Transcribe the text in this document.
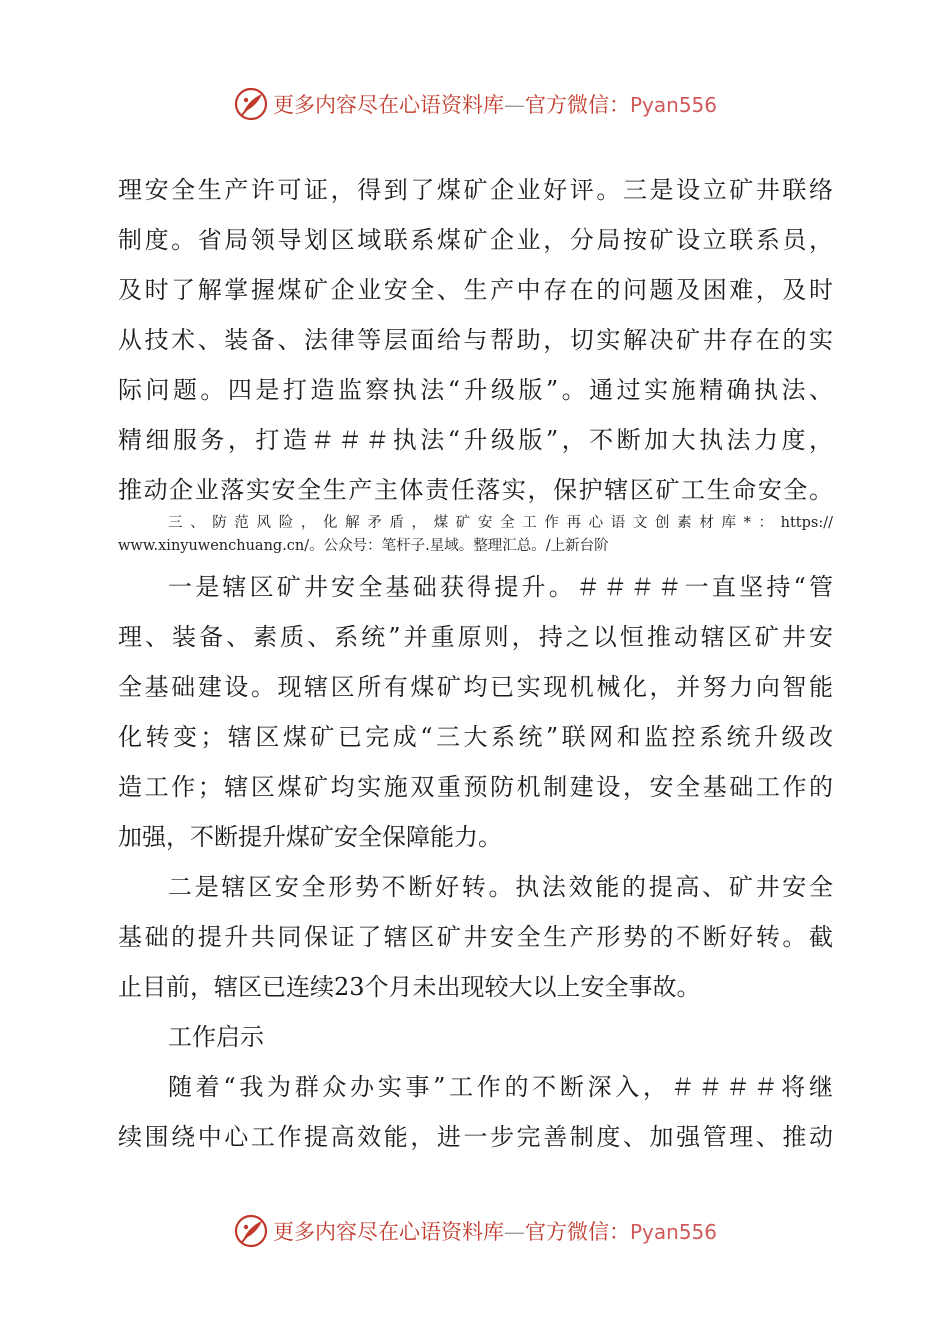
更多内容尽在心语资料库—官方微信：Pyan556
理安全生产许可证，得到了煤矿企业好评。三是设立矿井联络
制度。省局领导划区域联系煤矿企业，分局按矿设立联系员，
及时了解掌握煤矿企业安全、生产中存在的问题及困难，及时
从技术、装备、法律等层面给与帮助，切实解决矿井存在的实
际问题。四是打造监察执法“升级版”。通过实施精确执法、
精细服务，打造＃＃＃执法“升级版”，不断加大执法力度，
推动企业落实安全生产主体责任落实，保护辖区矿工生命安全。
三、防范风险，化解矛盾，煤矿安全工作再心语文创素材库*：https://
www.xinyuwenchuang.cn/。公众号：笔杆子.星域。整理汇总。/上新台阶
一是辖区矿井安全基础获得提升。＃＃＃＃一直坚持“管
理、装备、素质、系统”并重原则，持之以恒推动辖区矿井安
全基础建设。现辖区所有煤矿均已实现机械化，并努力向智能
化转变；辖区煤矿已完成“三大系统”联网和监控系统升级改
造工作；辖区煤矿均实施双重预防机制建设，安全基础工作的
加强，不断提升煤矿安全保障能力。
二是辖区安全形势不断好转。执法效能的提高、矿井安全
基础的提升共同保证了辖区矿井安全生产形势的不断好转。截
止目前，辖区已连续23个月未出现较大以上安全事故。
工作启示
随着“我为群众办实事”工作的不断深入，＃＃＃＃将继
续围绕中心工作提高效能，进一步完善制度、加强管理、推动
更多内容尽在心语资料库—官方微信：Pyan556
